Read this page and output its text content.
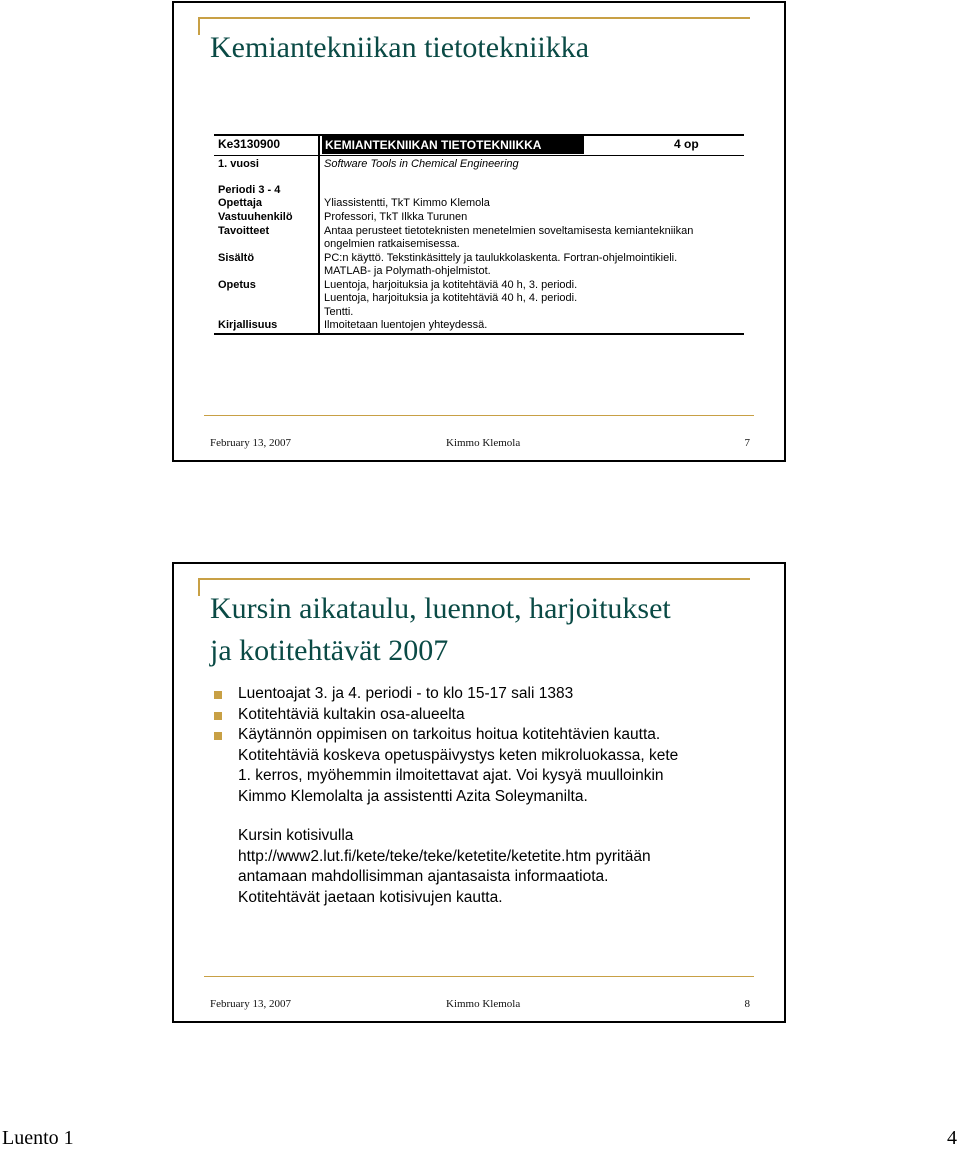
Kemiantekniikan tietotekniikka
Ke3130900	KEMIANTEKNIIKAN TIETOTEKNIIKKA	4 op
1. vuosi	Software Tools in Chemical Engineering
Periodi 3 - 4
Opettaja	Yliassistentti, TkT Kimmo Klemola
Vastuuhenkilö	Professori, TkT Ilkka Turunen
Tavoitteet	Antaa perusteet tietoteknisten menetelmien soveltamisesta kemiantekniikan
ongelmien ratkaisemisessa.
Sisältö	PC:n käyttö. Tekstinkäsittely ja taulukkolaskenta. Fortran-ohjelmointikieli.
MATLAB- ja Polymath-ohjelmistot.
Opetus	Luentoja, harjoituksia ja kotitehtäviä 40 h, 3. periodi.
Luentoja, harjoituksia ja kotitehtäviä 40 h, 4. periodi.
Tentti.
Kirjallisuus	Ilmoitetaan luentojen yhteydessä.
February 13, 2007	Kimmo Klemola	7
Kursin aikataulu, luennot, harjoitukset
ja kotitehtävät 2007
Luentoajat 3. ja 4. periodi - to klo 15-17 sali 1383
Kotitehtäviä kultakin osa-alueelta
Käytännön oppimisen on tarkoitus hoitua kotitehtävien kautta.
Kotitehtäviä koskeva opetuspäivystys keten mikroluokassa, kete
1. kerros, myöhemmin ilmoitettavat ajat. Voi kysyä muulloinkin
Kimmo Klemolalta ja assistentti Azita Soleymanilta.
Kursin kotisivulla
http://www2.lut.fi/kete/teke/teke/ketetite/ketetite.htm pyritään
antamaan mahdollisimman ajantasaista informaatiota.
Kotitehtävät jaetaan kotisivujen kautta.
February 13, 2007	Kimmo Klemola	8
Luento 1	4
